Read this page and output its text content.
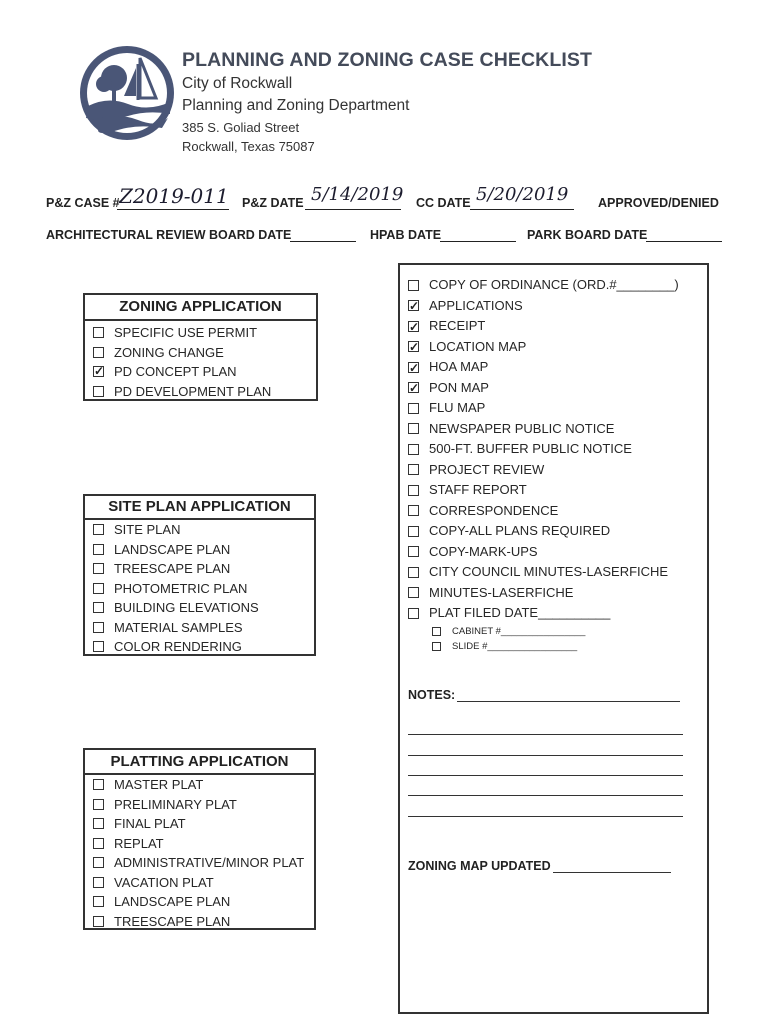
PLANNING AND ZONING CASE CHECKLIST
City of Rockwall
Planning and Zoning Department
385 S. Goliad Street
Rockwall, Texas 75087
P&Z CASE # Z2019-011 P&Z DATE 5/14/2019 CC DATE 5/20/2019 APPROVED/DENIED
ARCHITECTURAL REVIEW BOARD DATE	HPAB DATE	PARK BOARD DATE
ZONING APPLICATION
SPECIFIC USE PERMIT
ZONING CHANGE
✓
PD CONCEPT PLAN
PD DEVELOPMENT PLAN
SITE PLAN APPLICATION
SITE PLAN
LANDSCAPE PLAN
TREESCAPE PLAN
PHOTOMETRIC PLAN
BUILDING ELEVATIONS
MATERIAL SAMPLES
COLOR RENDERING
PLATTING APPLICATION
MASTER PLAT
PRELIMINARY PLAT
FINAL PLAT
REPLAT
ADMINISTRATIVE/MINOR PLAT
VACATION PLAT
LANDSCAPE PLAN
TREESCAPE PLAN
COPY OF ORDINANCE (ORD.#________)
✓
APPLICATIONS
✓
RECEIPT
✓
LOCATION MAP
✓
HOA MAP
✓
PON MAP
FLU MAP
NEWSPAPER PUBLIC NOTICE
500-FT. BUFFER PUBLIC NOTICE
PROJECT REVIEW
STAFF REPORT
CORRESPONDENCE
COPY-ALL PLANS REQUIRED
COPY-MARK-UPS
CITY COUNCIL MINUTES-LASERFICHE
MINUTES-LASERFICHE
PLAT FILED DATE__________
CABINET #________________
SLIDE #_________________
NOTES:
ZONING MAP UPDATED
